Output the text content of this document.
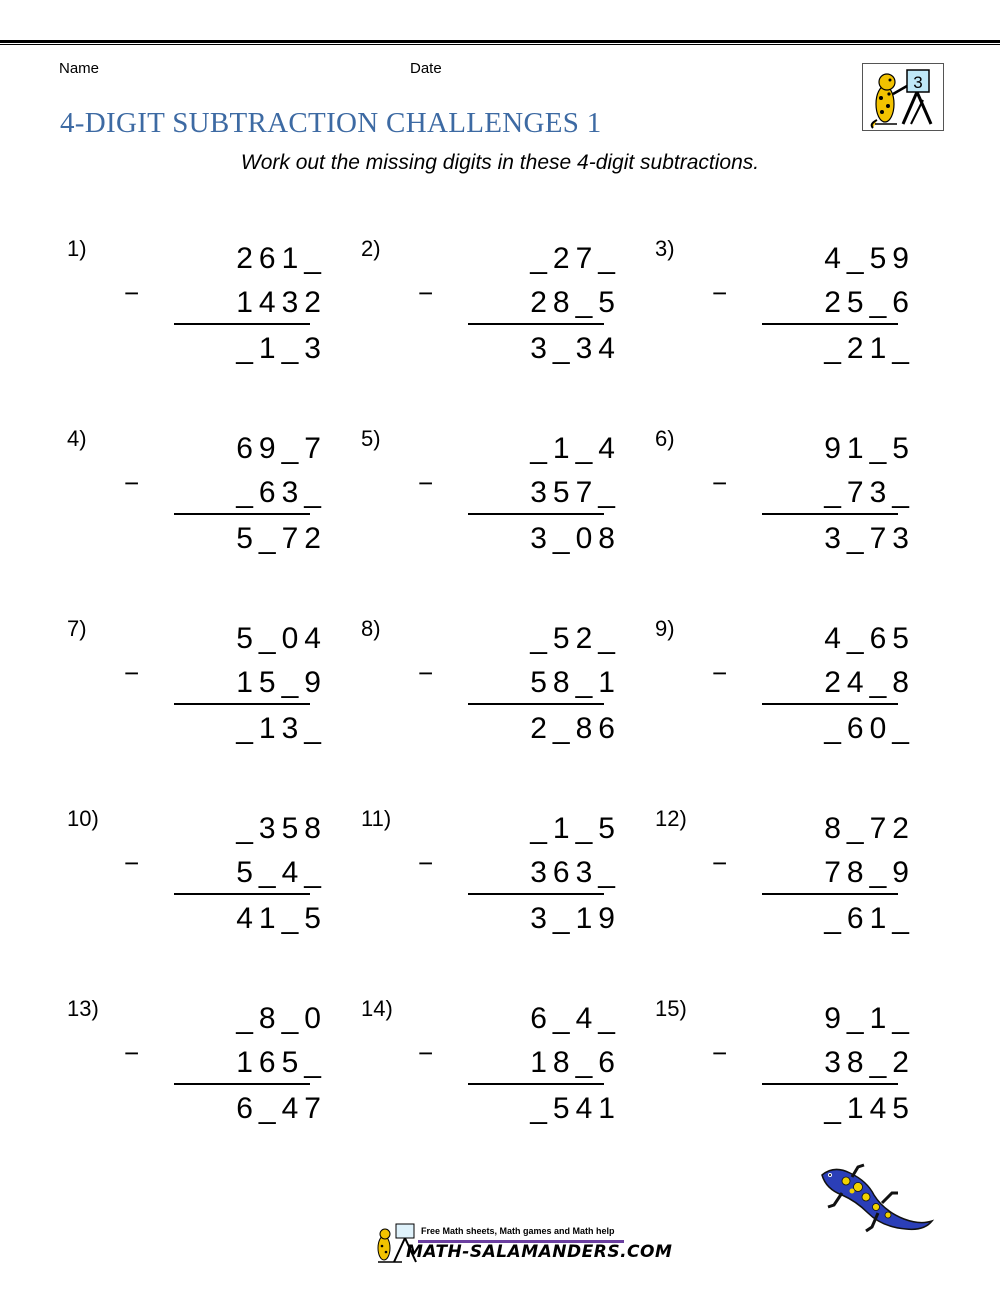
Name	Date
3
4-DIGIT SUBTRACTION CHALLENGES 1
Work out the missing digits in these 4-digit subtractions.
1)
−
261_
1432
_1_3
2)
−
_27_
28_5
3_34
3)
−
4_59
25_6
_21_
4)
−
69_7
_63_
5_72
5)
−
_1_4
357_
3_08
6)
−
91_5
_73_
3_73
7)
−
5_04
15_9
_13_
8)
−
_52_
58_1
2_86
9)
−
4_65
24_8
_60_
10)
−
_358
5_4_
41_5
11)
−
_1_5
363_
3_19
12)
−
8_72
78_9
_61_
13)
−
_8_0
165_
6_47
14)
−
6_4_
18_6
_541
15)
−
9_1_
38_2
_145
Free Math sheets, Math games and Math help
MATH-SALAMANDERS.COM
